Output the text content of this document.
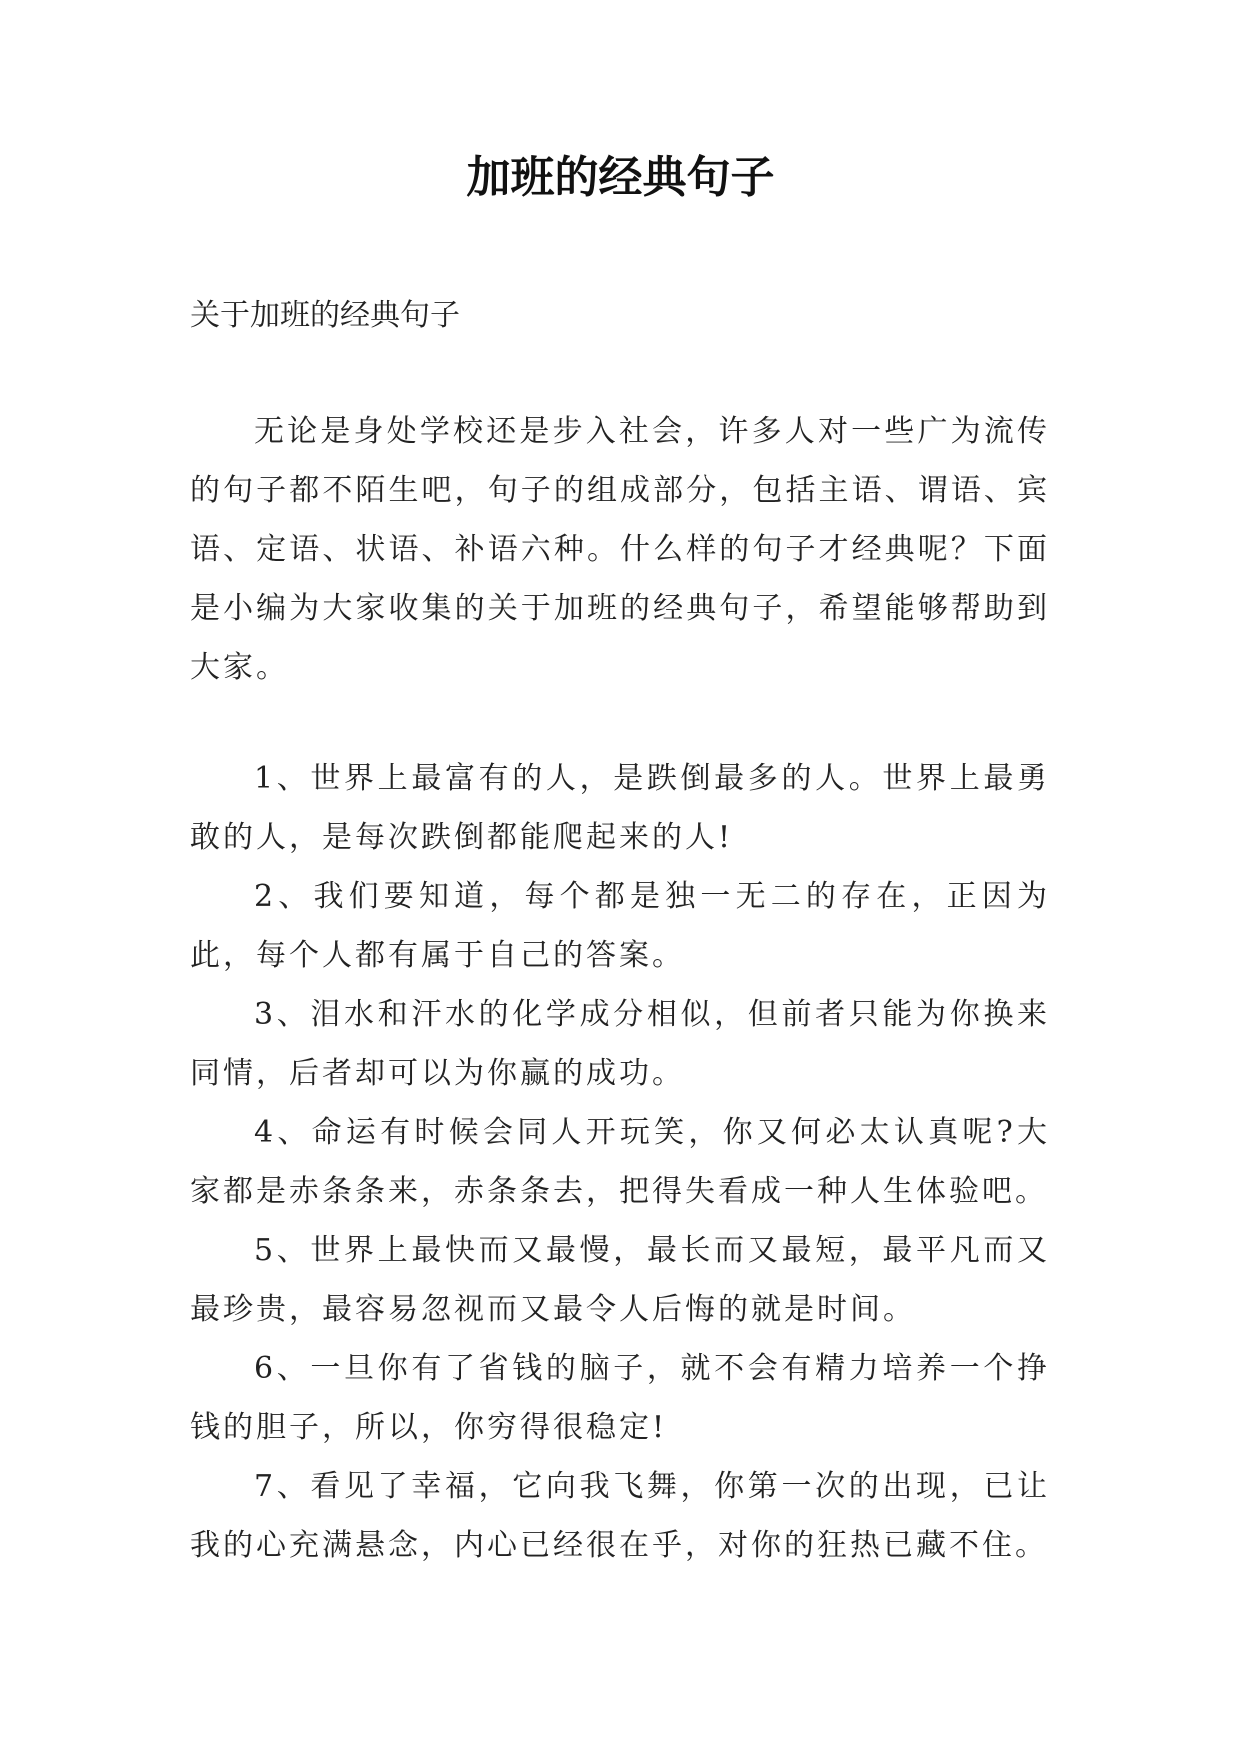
加班的经典句子

关于加班的经典句子

无论是身处学校还是步入社会，许多人对一些广为流传的句子都不陌生吧，句子的组成部分，包括主语、谓语、宾语、定语、状语、补语六种。什么样的句子才经典呢？下面是小编为大家收集的关于加班的经典句子，希望能够帮助到大家。

1、世界上最富有的人，是跌倒最多的人。世界上最勇敢的人，是每次跌倒都能爬起来的人!
2、我们要知道，每个都是独一无二的存在，正因为此，每个人都有属于自己的答案。
3、泪水和汗水的化学成分相似，但前者只能为你换来同情，后者却可以为你赢的成功。
4、命运有时候会同人开玩笑，你又何必太认真呢?大家都是赤条条来，赤条条去，把得失看成一种人生体验吧。
5、世界上最快而又最慢，最长而又最短，最平凡而又最珍贵，最容易忽视而又最令人后悔的就是时间。
6、一旦你有了省钱的脑子，就不会有精力培养一个挣钱的胆子，所以，你穷得很稳定!
7、看见了幸福，它向我飞舞，你第一次的出现，已让我的心充满悬念，内心已经很在乎，对你的狂热已藏不住。
